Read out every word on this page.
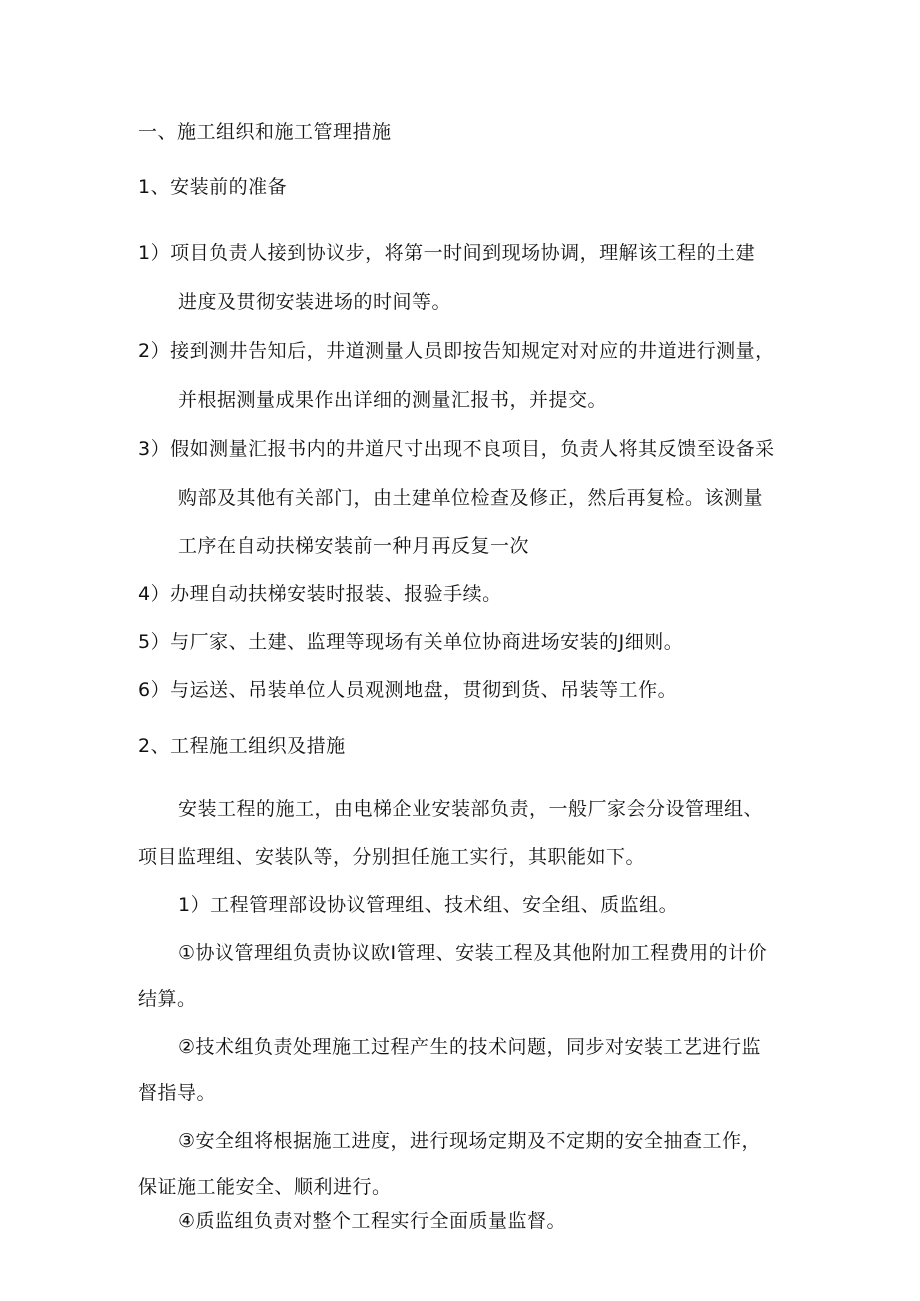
一、施工组织和施工管理措施
1、安装前的准备
1）项目负责人接到协议步，将第一时间到现场协调，理解该工程的土建
进度及贯彻安装进场的时间等。
2）接到测井告知后，井道测量人员即按告知规定对对应的井道进行测量，
并根据测量成果作出详细的测量汇报书，并提交。
3）假如测量汇报书内的井道尺寸出现不良项目，负责人将其反馈至设备采
购部及其他有关部门，由土建单位检查及修正，然后再复检。该测量
工序在自动扶梯安装前一种月再反复一次
4）办理自动扶梯安装时报装、报验手续。
5）与厂家、土建、监理等现场有关单位协商进场安装的J细则。
6）与运送、吊装单位人员观测地盘，贯彻到货、吊装等工作。
2、工程施工组织及措施
安装工程的施工，由电梯企业安装部负责，一般厂家会分设管理组、
项目监理组、安装队等，分别担任施工实行，其职能如下。
1）工程管理部设协议管理组、技术组、安全组、质监组。
①协议管理组负责协议欧I管理、安装工程及其他附加工程费用的计价
结算。
②技术组负责处理施工过程产生的技术问题，同步对安装工艺进行监
督指导。
③安全组将根据施工进度，进行现场定期及不定期的安全抽查工作，
保证施工能安全、顺利进行。
④质监组负责对整个工程实行全面质量监督。
